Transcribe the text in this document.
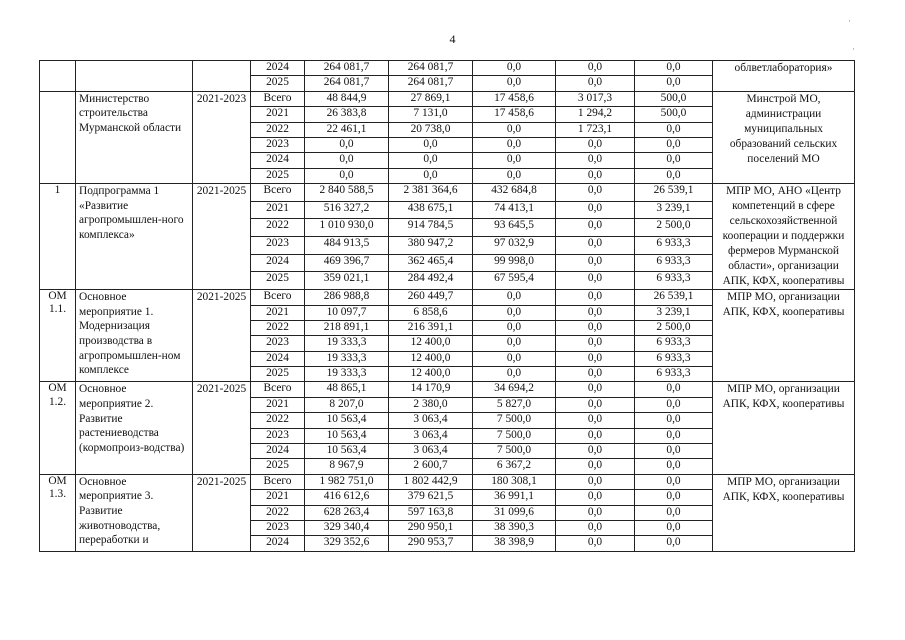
4
·
·
			2024	264 081,7	264 081,7	0,0	0,0	0,0	облветлаборатория»
			2025	264 081,7	264 081,7	0,0	0,0	0,0	
	Министерство строительства Мурманской области	2021-2023	Всего	48 844,9	27 869,1	17 458,6	3 017,3	500,0	Минстрой МО, администрации муниципальных образований сельских поселений МО
			2021	26 383,8	7 131,0	17 458,6	1 294,2	500,0	
			2022	22 461,1	20 738,0	0,0	1 723,1	0,0	
			2023	0,0	0,0	0,0	0,0	0,0	
			2024	0,0	0,0	0,0	0,0	0,0	
			2025	0,0	0,0	0,0	0,0	0,0	
1	Подпрограмма 1 «Развитие агропромышлен-ного комплекса»	2021-2025	Всего	2 840 588,5	2 381 364,6	432 684,8	0,0	26 539,1	МПР МО, АНО «Центр компетенций в сфере сельскохозяйственной кооперации и поддержки фермеров Мурманской области», организации АПК, КФХ, кооперативы
			2021	516 327,2	438 675,1	74 413,1	0,0	3 239,1	
			2022	1 010 930,0	914 784,5	93 645,5	0,0	2 500,0	
			2023	484 913,5	380 947,2	97 032,9	0,0	6 933,3	
			2024	469 396,7	362 465,4	99 998,0	0,0	6 933,3	
			2025	359 021,1	284 492,4	67 595,4	0,0	6 933,3	
ОМ 1.1.	Основное мероприятие 1. Модернизация производства в агропромышлен-ном комплексе	2021-2025	Всего	286 988,8	260 449,7	0,0	0,0	26 539,1	МПР МО, организации АПК, КФХ, кооперативы
			2021	10 097,7	6 858,6	0,0	0,0	3 239,1	
			2022	218 891,1	216 391,1	0,0	0,0	2 500,0	
			2023	19 333,3	12 400,0	0,0	0,0	6 933,3	
			2024	19 333,3	12 400,0	0,0	0,0	6 933,3	
			2025	19 333,3	12 400,0	0,0	0,0	6 933,3	
ОМ 1.2.	Основное мероприятие 2. Развитие растениеводства (кормопроиз-водства)	2021-2025	Всего	48 865,1	14 170,9	34 694,2	0,0	0,0	МПР МО, организации АПК, КФХ, кооперативы
			2021	8 207,0	2 380,0	5 827,0	0,0	0,0	
			2022	10 563,4	3 063,4	7 500,0	0,0	0,0	
			2023	10 563,4	3 063,4	7 500,0	0,0	0,0	
			2024	10 563,4	3 063,4	7 500,0	0,0	0,0	
			2025	8 967,9	2 600,7	6 367,2	0,0	0,0	
ОМ 1.3.	Основное мероприятие 3. Развитие животноводства, переработки и	2021-2025	Всего	1 982 751,0	1 802 442,9	180 308,1	0,0	0,0	МПР МО, организации АПК, КФХ, кооперативы
			2021	416 612,6	379 621,5	36 991,1	0,0	0,0	
			2022	628 263,4	597 163,8	31 099,6	0,0	0,0	
			2023	329 340,4	290 950,1	38 390,3	0,0	0,0	
			2024	329 352,6	290 953,7	38 398,9	0,0	0,0	
